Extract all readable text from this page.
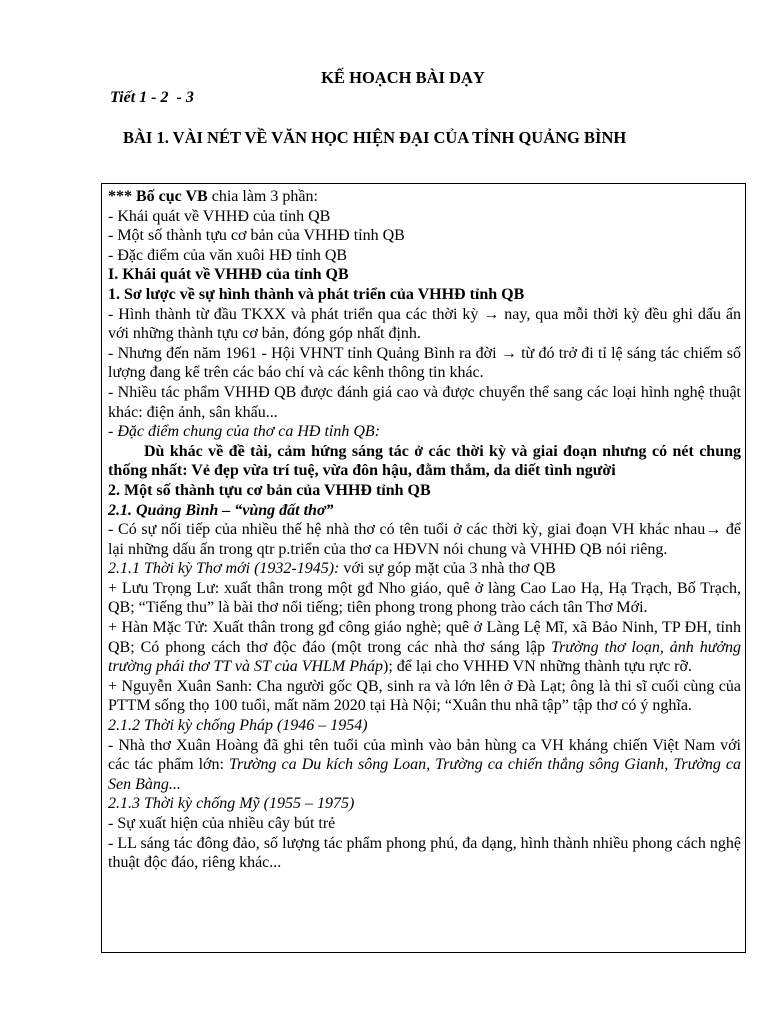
KẾ HOẠCH BÀI DẠY
Tiết 1 - 2  - 3
BÀI 1. VÀI NÉT VỀ VĂN HỌC HIỆN ĐẠI CỦA TỈNH QUẢNG BÌNH

*** Bố cục VB chia làm 3 phần:

- Khái quát về VHHĐ của tỉnh QB

- Một số thành tựu cơ bản của VHHĐ tỉnh QB

- Đặc điểm của văn xuôi HĐ tỉnh QB

I. Khái quát về VHHĐ của tỉnh QB

1. Sơ lược về sự hình thành và phát triển của VHHĐ tỉnh QB

- Hình thành từ đầu TKXX và phát triển qua các thời kỳ → nay, qua mỗi thời kỳ đều ghi dấu ấn với những thành tựu cơ bản, đóng góp nhất định.

- Nhưng đến năm 1961 - Hội VHNT tỉnh Quảng Bình ra đời → từ đó trở đi tỉ lệ sáng tác chiếm số lượng đang kể trên các báo chí và các kênh thông tin khác.

- Nhiều tác phẩm VHHĐ QB được đánh giá cao và được chuyển thể sang các loại hình nghệ thuật khác: điện ảnh, sân khấu...

- Đặc điểm chung của thơ ca HĐ tỉnh QB:

Dù khác về đề tài, cảm hứng sáng tác ở các thời kỳ và giai đoạn nhưng có nét chung thống nhất: Vẻ đẹp vừa trí tuệ, vừa đôn hậu, đằm thắm, da diết tình người

2. Một số thành tựu cơ bản của VHHĐ tỉnh QB

2.1. Quảng Bình – “vùng đất thơ”

- Có sự nối tiếp của nhiều thế hệ nhà thơ có tên tuổi ở các thời kỳ, giai đoạn VH khác nhau→ để lại những dấu ấn trong qtr p.triển của thơ ca HĐVN nói chung và VHHĐ QB nói riêng.

2.1.1 Thời kỳ Thơ mới (1932-1945): với sự góp mặt của 3 nhà thơ QB

+ Lưu Trọng Lư: xuất thân trong một gđ Nho giáo, quê ở làng Cao Lao Hạ, Hạ Trạch, Bố Trạch, QB; “Tiếng thu” là bài thơ nổi tiếng; tiên phong trong phong trào cách tân Thơ Mới.

+ Hàn Mặc Tử: Xuất thân trong gđ công giáo nghè; quê ở Làng Lệ Mĩ, xã Bảo Ninh, TP ĐH, tỉnh QB; Có phong cách thơ độc đáo (một trong các nhà thơ sáng lập Trường thơ loạn, ảnh hưởng trường phái thơ TT và ST của VHLM Pháp); để lại cho VHHĐ VN những thành tựu rực rỡ.

+ Nguyễn Xuân Sanh: Cha người gốc QB, sinh ra và lớn lên ở Đà Lạt; ông là thi sĩ cuối cùng của PTTM sống thọ 100 tuổi, mất năm 2020 tại Hà Nội; “Xuân thu nhã tập” tập thơ có ý nghĩa.

2.1.2 Thời kỳ chống Pháp (1946 – 1954)

- Nhà thơ Xuân Hoàng đã ghi tên tuổi của mình vào bản hùng ca VH kháng chiến Việt Nam với các tác phẩm lớn: Trường ca Du kích sông Loan, Trường ca chiến thắng sông Gianh, Trường ca Sen Bàng...

2.1.3 Thời kỳ chống Mỹ (1955 – 1975)

- Sự xuất hiện của nhiều cây bút trẻ

- LL sáng tác đông đảo, số lượng tác phẩm phong phú, đa dạng, hình thành nhiều phong cách nghệ thuật độc đáo, riêng khác...
